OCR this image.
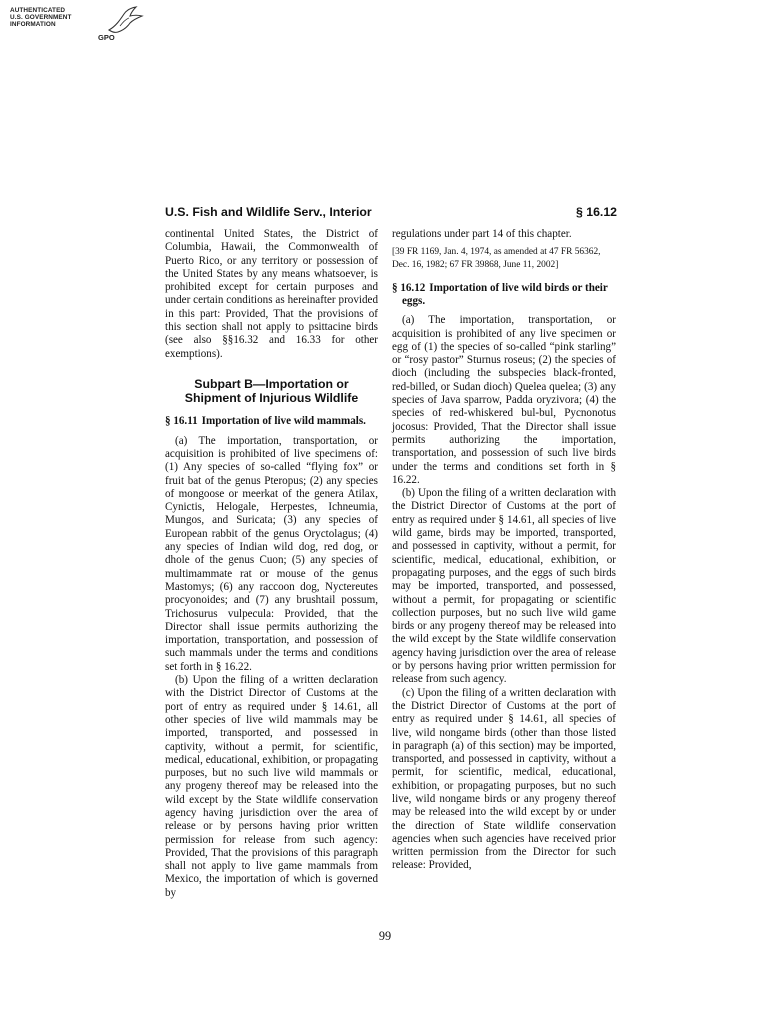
AUTHENTICATED
U.S. GOVERNMENT
INFORMATION
GPO
U.S. Fish and Wildlife Serv., Interior	§ 16.12

continental United States, the District of Columbia, Hawaii, the Commonwealth of Puerto Rico, or any territory or possession of the United States by any means whatsoever, is prohibited except for certain purposes and under certain conditions as hereinafter provided in this part: Provided, That the provisions of this section shall not apply to psittacine birds (see also §§16.32 and 16.33 for other exemptions).

Subpart B—Importation or
Shipment of Injurious Wildlife

§ 16.11 Importation of live wild mammals.

(a) The importation, transportation, or acquisition is prohibited of live specimens of: (1) Any species of so-called “flying fox” or fruit bat of the genus Pteropus; (2) any species of mongoose or meerkat of the genera Atilax, Cynictis, Helogale, Herpestes, Ichneumia, Mungos, and Suricata; (3) any species of European rabbit of the genus Oryctolagus; (4) any species of Indian wild dog, red dog, or dhole of the genus Cuon; (5) any species of multimammate rat or mouse of the genus Mastomys; (6) any raccoon dog, Nyctereutes procyonoides; and (7) any brushtail possum, Trichosurus vulpecula: Provided, that the Director shall issue permits authorizing the importation, transportation, and possession of such mammals under the terms and conditions set forth in § 16.22.

(b) Upon the filing of a written declaration with the District Director of Customs at the port of entry as required under § 14.61, all other species of live wild mammals may be imported, transported, and possessed in captivity, without a permit, for scientific, medical, educational, exhibition, or propagating purposes, but no such live wild mammals or any progeny thereof may be released into the wild except by the State wildlife conservation agency having jurisdiction over the area of release or by persons having prior written permission for release from such agency: Provided, That the provisions of this paragraph shall not apply to live game mammals from Mexico, the importation of which is governed by

regulations under part 14 of this chapter.

[39 FR 1169, Jan. 4, 1974, as amended at 47 FR 56362, Dec. 16, 1982; 67 FR 39868, June 11, 2002]

§ 16.12 Importation of live wild birds or their eggs.

(a) The importation, transportation, or acquisition is prohibited of any live specimen or egg of (1) the species of so-called “pink starling” or “rosy pastor” Sturnus roseus; (2) the species of dioch (including the subspecies black-fronted, red-billed, or Sudan dioch) Quelea quelea; (3) any species of Java sparrow, Padda oryzivora; (4) the species of red-whiskered bul-bul, Pycnonotus jocosus: Provided, That the Director shall issue permits authorizing the importation, transportation, and possession of such live birds under the terms and conditions set forth in § 16.22.

(b) Upon the filing of a written declaration with the District Director of Customs at the port of entry as required under § 14.61, all species of live wild game, birds may be imported, transported, and possessed in captivity, without a permit, for scientific, medical, educational, exhibition, or propagating purposes, and the eggs of such birds may be imported, transported, and possessed, without a permit, for propagating or scientific collection purposes, but no such live wild game birds or any progeny thereof may be released into the wild except by the State wildlife conservation agency having jurisdiction over the area of release or by persons having prior written permission for release from such agency.

(c) Upon the filing of a written declaration with the District Director of Customs at the port of entry as required under § 14.61, all species of live, wild nongame birds (other than those listed in paragraph (a) of this section) may be imported, transported, and possessed in captivity, without a permit, for scientific, medical, educational, exhibition, or propagating purposes, but no such live, wild nongame birds or any progeny thereof may be released into the wild except by or under the direction of State wildlife conservation agencies when such agencies have received prior written permission from the Director for such release: Provided,

99
